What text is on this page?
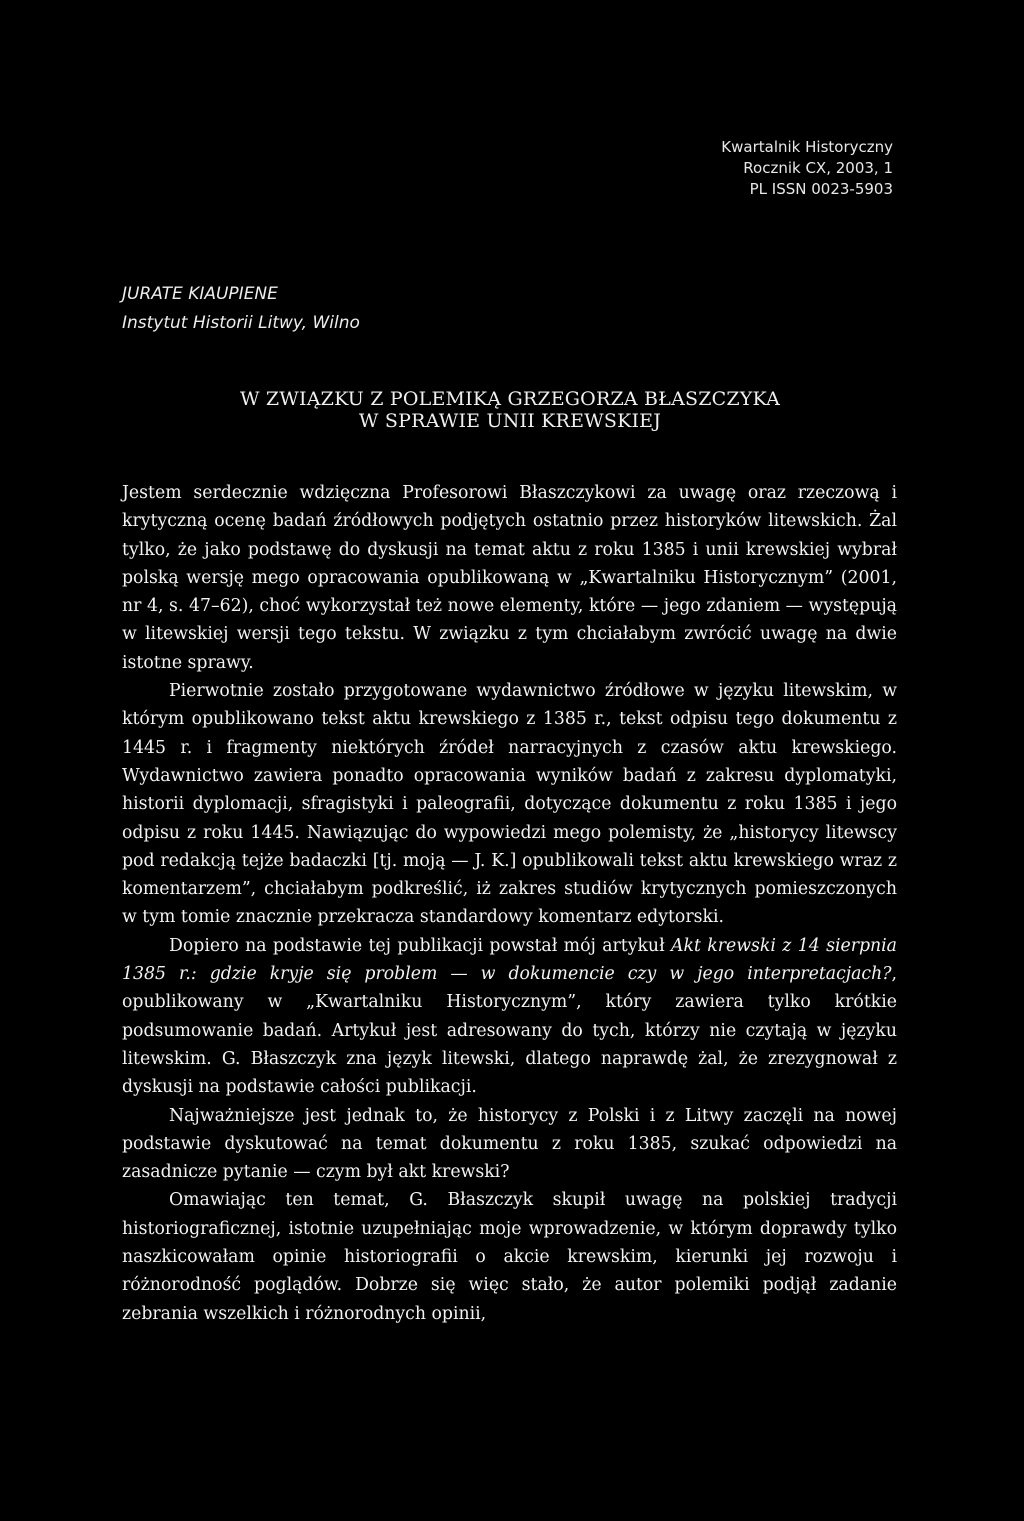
Kwartalnik Historyczny
Rocznik CX, 2003, 1
PL ISSN 0023-5903
JURATE KIAUPIENE
Instytut Historii Litwy, Wilno
W ZWIĄZKU Z POLEMIKĄ GRZEGORZA BŁASZCZYKA
W SPRAWIE UNII KREWSKIEJ

Jestem serdecznie wdzięczna Profesorowi Błaszczykowi za uwagę oraz rzeczową i krytyczną ocenę badań źródłowych podjętych ostatnio przez historyków litewskich. Żal tylko, że jako podstawę do dyskusji na temat aktu z roku 1385 i unii krewskiej wybrał polską wersję mego opracowania opublikowaną w „Kwartalniku Historycznym” (2001, nr 4, s. 47–62), choć wykorzystał też nowe elementy, które — jego zdaniem — występują w litewskiej wersji tego tekstu. W związku z tym chciałabym zwrócić uwagę na dwie istotne sprawy.

Pierwotnie zostało przygotowane wydawnictwo źródłowe w języku litewskim, w którym opublikowano tekst aktu krewskiego z 1385 r., tekst odpisu tego dokumentu z 1445 r. i fragmenty niektórych źródeł narracyjnych z czasów aktu krewskiego. Wydawnictwo zawiera ponadto opracowania wyników badań z zakresu dyplomatyki, historii dyplomacji, sfragistyki i paleografii, dotyczące dokumentu z roku 1385 i jego odpisu z roku 1445. Nawiązując do wypowiedzi mego polemisty, że „historycy litewscy pod redakcją tejże badaczki [tj. moją — J. K.] opublikowali tekst aktu krewskiego wraz z komentarzem”, chciałabym podkreślić, iż zakres studiów krytycznych pomieszczonych w tym tomie znacznie przekracza standardowy komentarz edytorski.

Dopiero na podstawie tej publikacji powstał mój artykuł Akt krewski z 14 sierpnia 1385 r.: gdzie kryje się problem — w dokumencie czy w jego interpretacjach?, opublikowany w „Kwartalniku Historycznym”, który zawiera tylko krótkie podsumowanie badań. Artykuł jest adresowany do tych, którzy nie czytają w języku litewskim. G. Błaszczyk zna język litewski, dlatego naprawdę żal, że zrezygnował z dyskusji na podstawie całości publikacji.

Najważniejsze jest jednak to, że historycy z Polski i z Litwy zaczęli na nowej podstawie dyskutować na temat dokumentu z roku 1385, szukać odpowiedzi na zasadnicze pytanie — czym był akt krewski?

Omawiając ten temat, G. Błaszczyk skupił uwagę na polskiej tradycji historiograficznej, istotnie uzupełniając moje wprowadzenie, w którym doprawdy tylko naszkicowałam opinie historiografii o akcie krewskim, kierunki jej rozwoju i różnorodność poglądów. Dobrze się więc stało, że autor polemiki podjął zadanie zebrania wszelkich i różnorodnych opinii,
